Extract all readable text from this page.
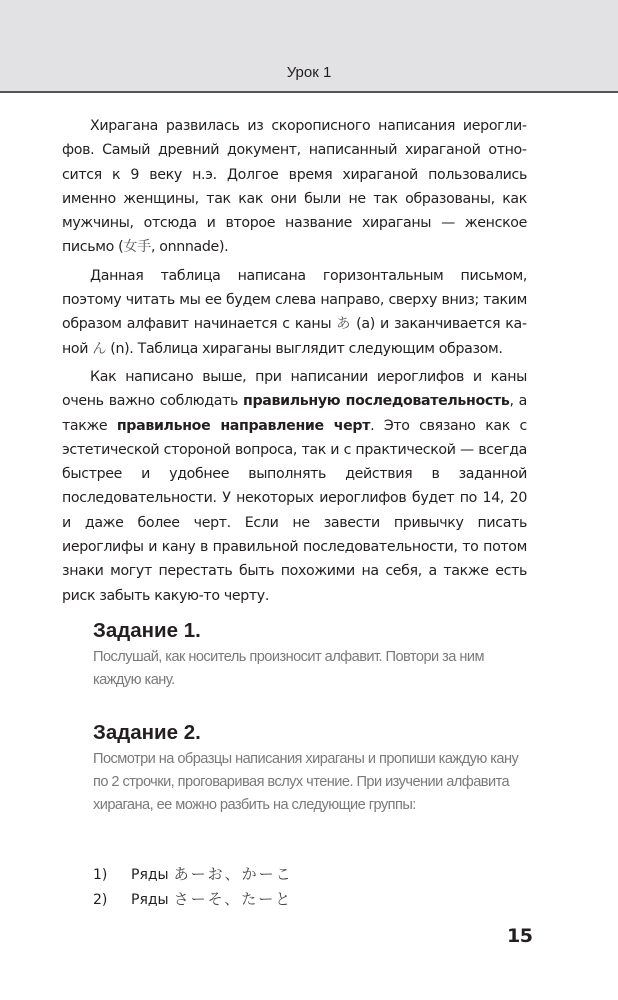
Урок 1

Хирагана развилась из скорописного написания иероглифов. Самый древний документ, написанный хираганой относится к 9 веку н.э. Долгое время хираганой пользовались именно женщины, так как они были не так образованы, как мужчины, отсюда и второе название хираганы — женское письмо (女手, onnnade).

Данная таблица написана горизонтальным письмом, поэтому читать мы ее будем слева направо, сверху вниз; таким образом алфавит начинается с каны あ (а) и заканчивается каной ん (n). Таблица хираганы выглядит следующим образом.

Как написано выше, при написании иероглифов и каны очень важно соблюдать правильную последовательность, а также правильное направление черт. Это связано как с эстетической стороной вопроса, так и с практической — всегда быстрее и удобнее выполнять действия в заданной последовательности. У некоторых иероглифов будет по 14, 20 и даже более черт. Если не завести привычку писать иероглифы и кану в правильной последовательности, то потом знаки могут перестать быть похожими на себя, а также есть риск забыть какую-то черту.

Задание 1.

Послушай, как носитель произносит алфавит. Повтори за ним каждую кану.

Задание 2.

Посмотри на образцы написания хираганы и пропиши каждую кану по 2 строчки, проговаривая вслух чтение. При изучении алфавита хирагана, ее можно разбить на следующие группы:

1)	Ряды あーお、かーこ
2)	Ряды さーそ、たーと
15
